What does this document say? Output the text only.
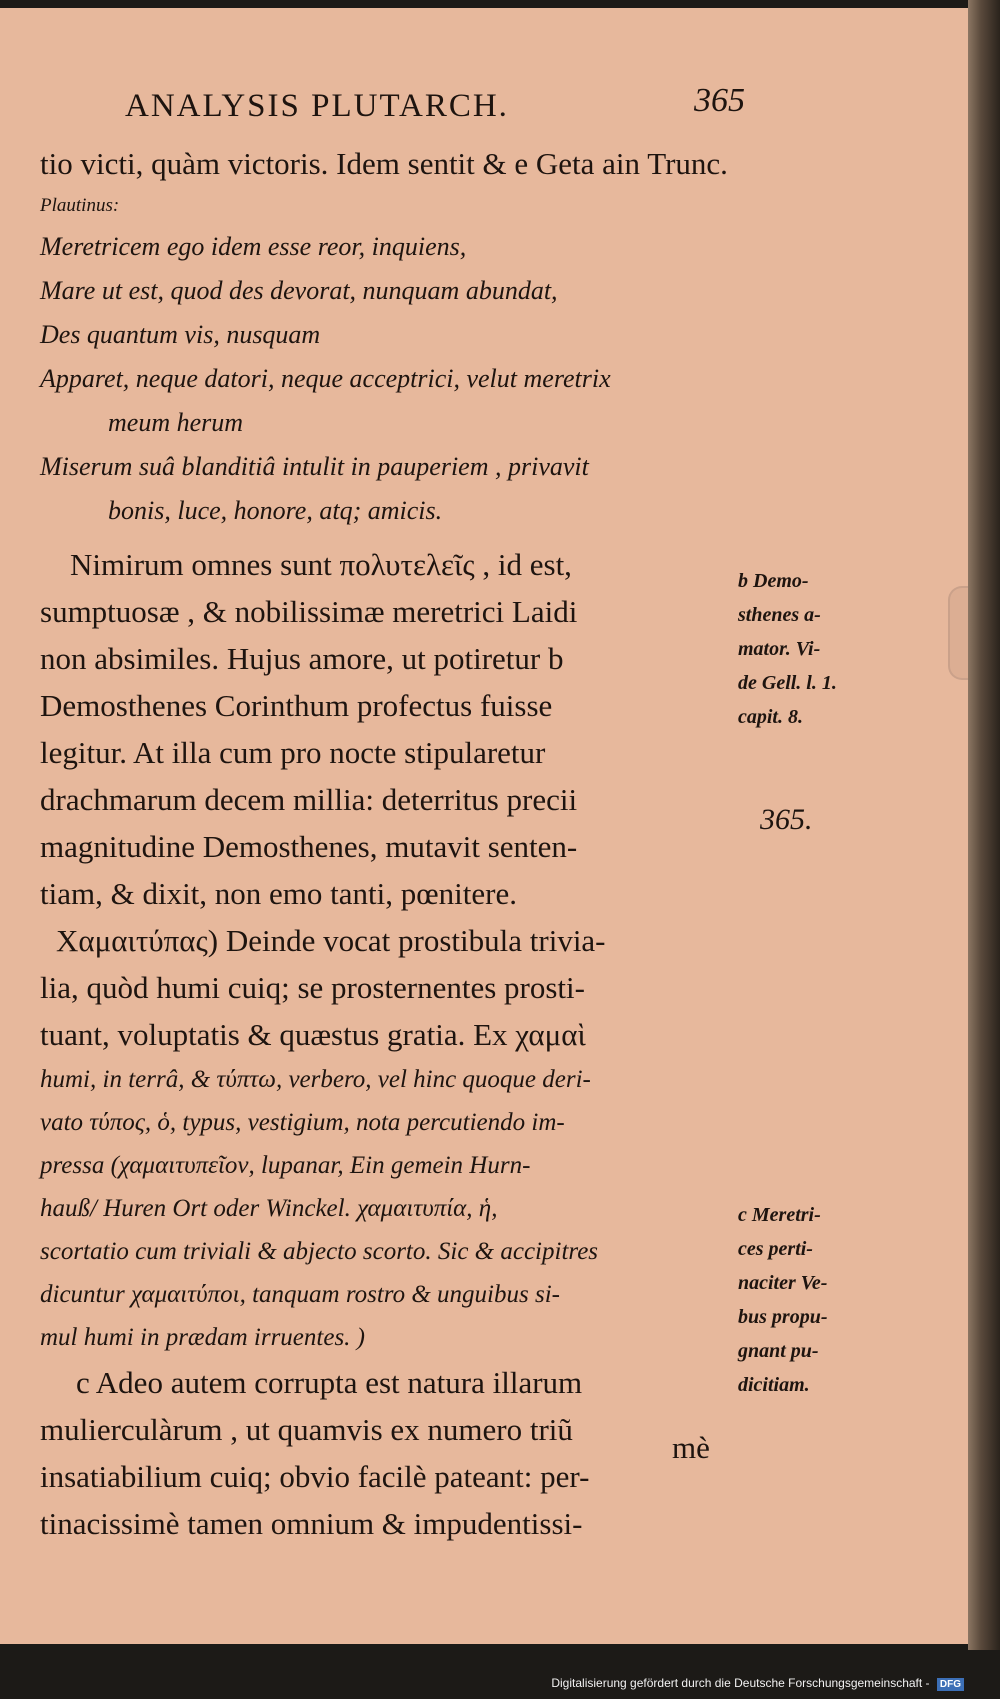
ANALYSIS PLUTARCH.	365
tio victi, quàm victoris. Idem sentit & e Geta ain Trunc.
Plautinus:
Meretricem ego idem esse reor, inquiens,
Mare ut est, quod des devorat, nunquam abundat,
Des quantum vis, nusquam
Apparet, neque datori, neque acceptrici, velut meretrix
meum herum
Miserum suâ blanditiâ intulit in pauperiem , privavit
bonis, luce, honore, atq; amicis.
Nimirum omnes sunt πολυτελεῖς , id est,
sumptuosæ , & nobilissimæ meretrici Laidi
non absimiles. Hujus amore, ut potiretur b
Demosthenes Corinthum profectus fuisse
legitur. At illa cum pro nocte stipularetur
drachmarum decem millia: deterritus precii
magnitudine Demosthenes, mutavit senten-
tiam, & dixit, non emo tanti, pœnitere.
Χαμαιτύπας) Deinde vocat prostibula trivia-
lia, quòd humi cuiq; se prosternentes prosti-
tuant, voluptatis & quæstus gratia. Ex χαμαὶ
humi, in terrâ, & τύπτω, verbero, vel hinc quoque deri-
vato τύπος, ὁ, typus, vestigium, nota percutiendo im-
pressa (χαμαιτυπεῖον, lupanar, Ein gemein Hurn-
hauß/ Huren Ort oder Winckel. χαμαιτυπία, ἡ,
scortatio cum triviali & abjecto scorto. Sic & accipitres
dicuntur χαμαιτύποι, tanquam rostro & unguibus si-
mul humi in prædam irruentes. )
c Adeo autem corrupta est natura illarum
mulierculàrum , ut quamvis ex numero triũ
insatiabilium cuiq; obvio facilè pateant: per-
tinacissimè tamen omnium & impudentissi-
b Demo-
sthenes a-
mator. Vi-
de Gell. l. 1.
capit. 8.
c Meretri-
ces perti-
naciter Ve-
bus propu-
gnant pu-
dicitiam.
365.
mè
Digitalisierung gefördert durch die Deutsche Forschungsgemeinschaft - DFG
